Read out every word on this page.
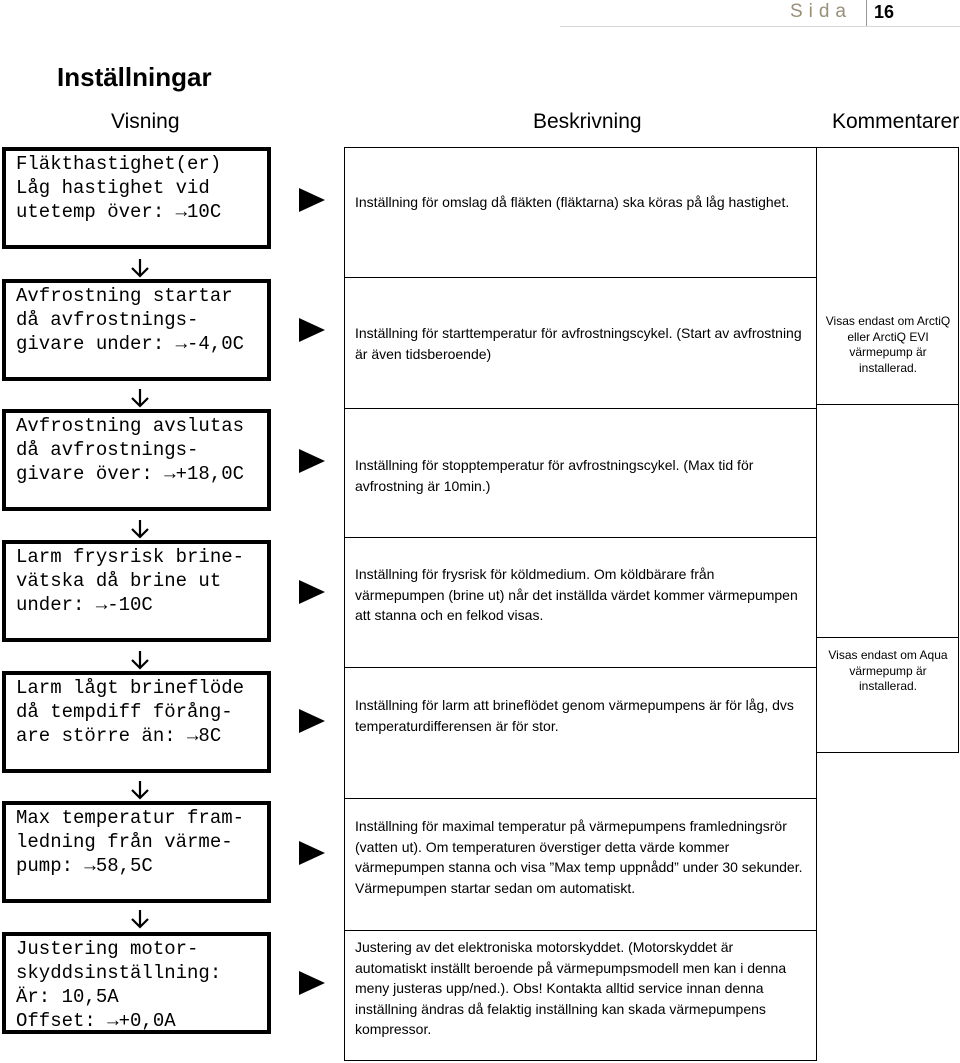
Sida 16
Inställningar
Visning	Beskrivning	Kommentarer
Fläkthastighet(er)
Låg hastighet vid
utetemp över: →10C
Avfrostning startar
då avfrostnings-
givare under: →-4,0C
Avfrostning avslutas
då avfrostnings-
givare över: →+18,0C
Larm frysrisk brine-
vätska då brine ut
under: →-10C
Larm lågt brineflöde
då tempdiff förång-
are större än: →8C
Max temperatur fram-
ledning från värme-
pump: →58,5C
Justering motor-
skyddsinställning:
Är: 10,5A
Offset: →+0,0A
Inställning för omslag då fläkten (fläktarna) ska köras på låg hastighet.
Inställning för starttemperatur för avfrostningscykel. (Start av avfrostning är även tidsberoende)
Inställning för stopptemperatur för avfrostningscykel. (Max tid för avfrostning är 10min.)
Inställning för frysrisk för köldmedium. Om köldbärare från värmepumpen (brine ut) når det inställda värdet kommer värmepumpen att stanna och en felkod visas.
Inställning för larm att brineflödet genom värmepumpens är för låg, dvs temperaturdifferensen är för stor.
Inställning för maximal temperatur på värmepumpens framledningsrör (vatten ut). Om temperaturen överstiger detta värde kommer värmepumpen stanna och visa ”Max temp uppnådd” under 30 sekunder. Värmepumpen startar sedan om automatiskt.
Justering av det elektroniska motorskyddet. (Motorskyddet är automatiskt inställt beroende på värmepumpsmodell men kan i denna meny justeras upp/ned.). Obs! Kontakta alltid service innan denna inställning ändras då felaktig inställning kan skada värmepumpens kompressor.
Visas endast om ArctiQ eller ArctiQ EVI värmepump är installerad.
Visas endast om Aqua värmepump är installerad.
